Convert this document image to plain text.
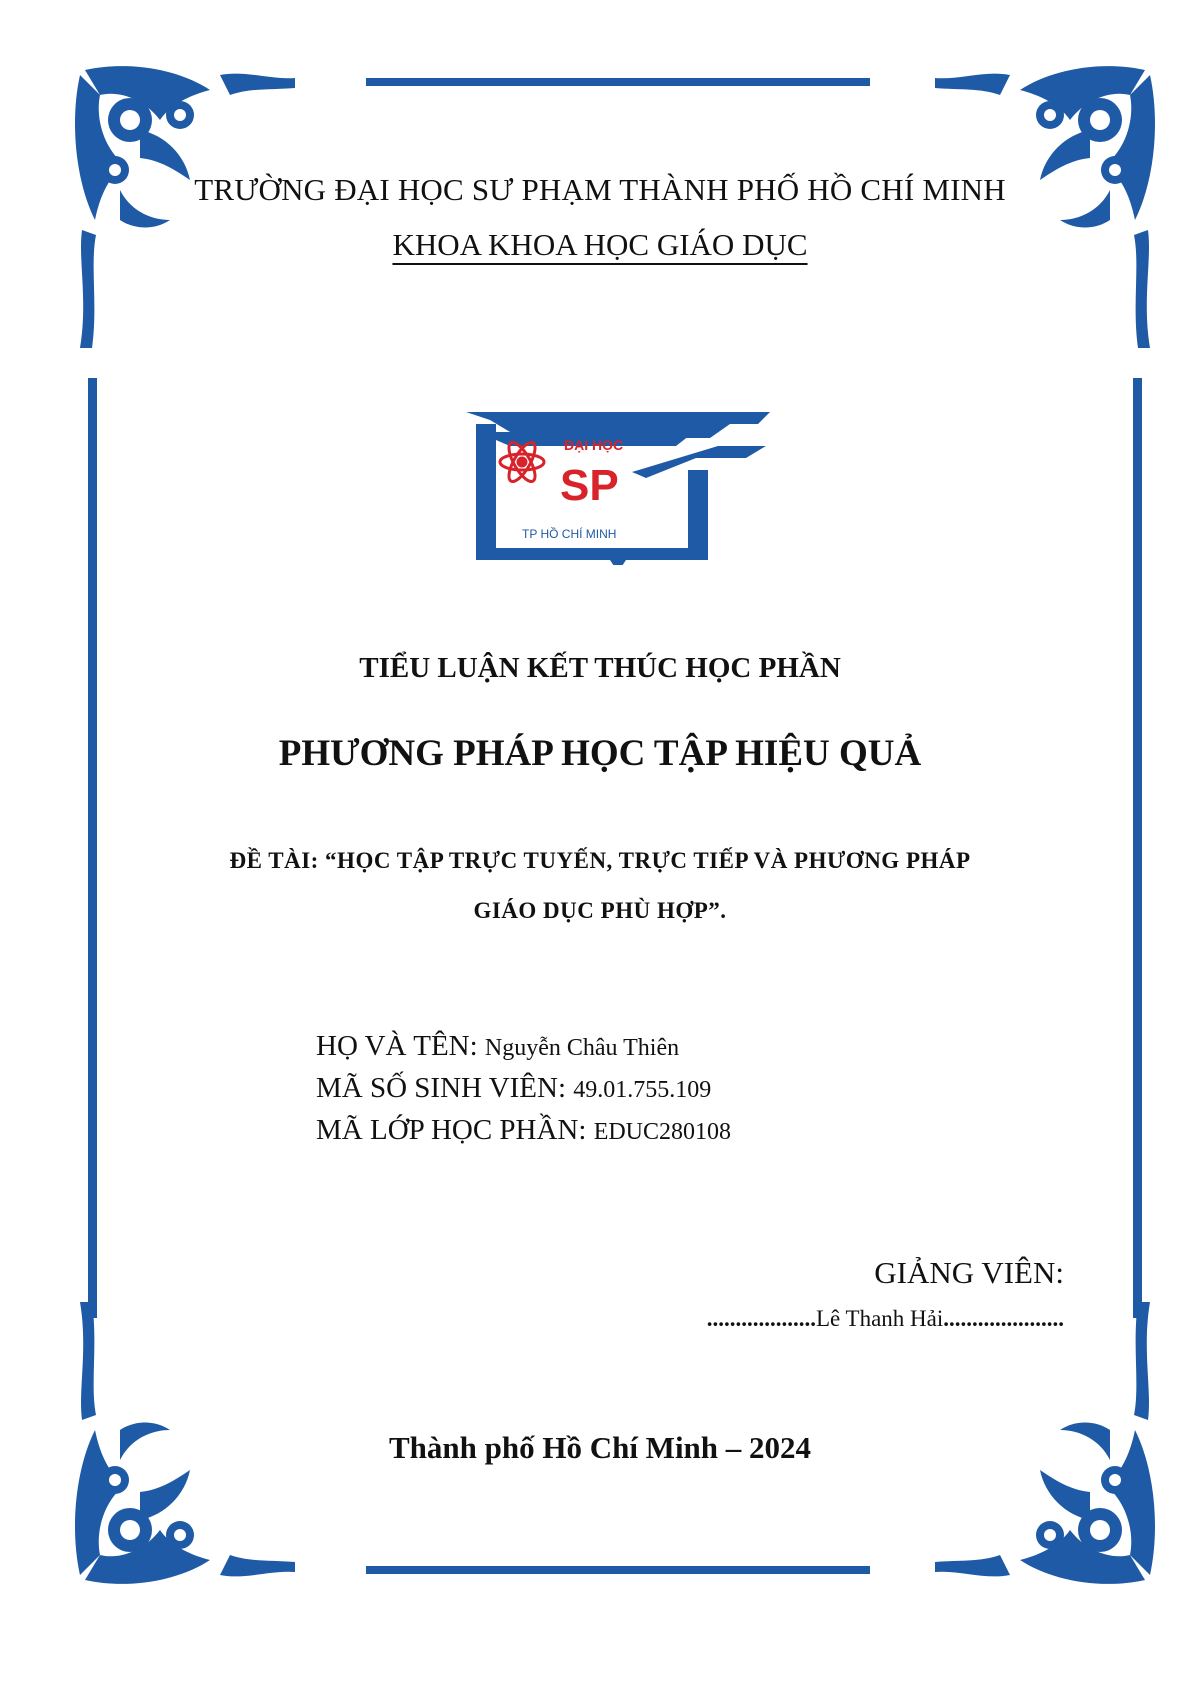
TRƯỜNG ĐẠI HỌC SƯ PHẠM THÀNH PHỐ HỒ CHÍ MINH
KHOA KHOA HỌC GIÁO DỤC
ĐẠI HỌC
SP
TP HỒ CHÍ MINH
TIỂU LUẬN KẾT THÚC HỌC PHẦN
PHƯƠNG PHÁP HỌC TẬP HIỆU QUẢ
ĐỀ TÀI: “HỌC TẬP TRỰC TUYẾN, TRỰC TIẾP VÀ PHƯƠNG PHÁP
GIÁO DỤC PHÙ HỢP”.
HỌ VÀ TÊN: Nguyễn Châu Thiên
MÃ SỐ SINH VIÊN: 49.01.755.109
MÃ LỚP HỌC PHẦN: EDUC280108
GIẢNG VIÊN:
...................Lê Thanh Hải.....................
Thành phố Hồ Chí Minh – 2024
